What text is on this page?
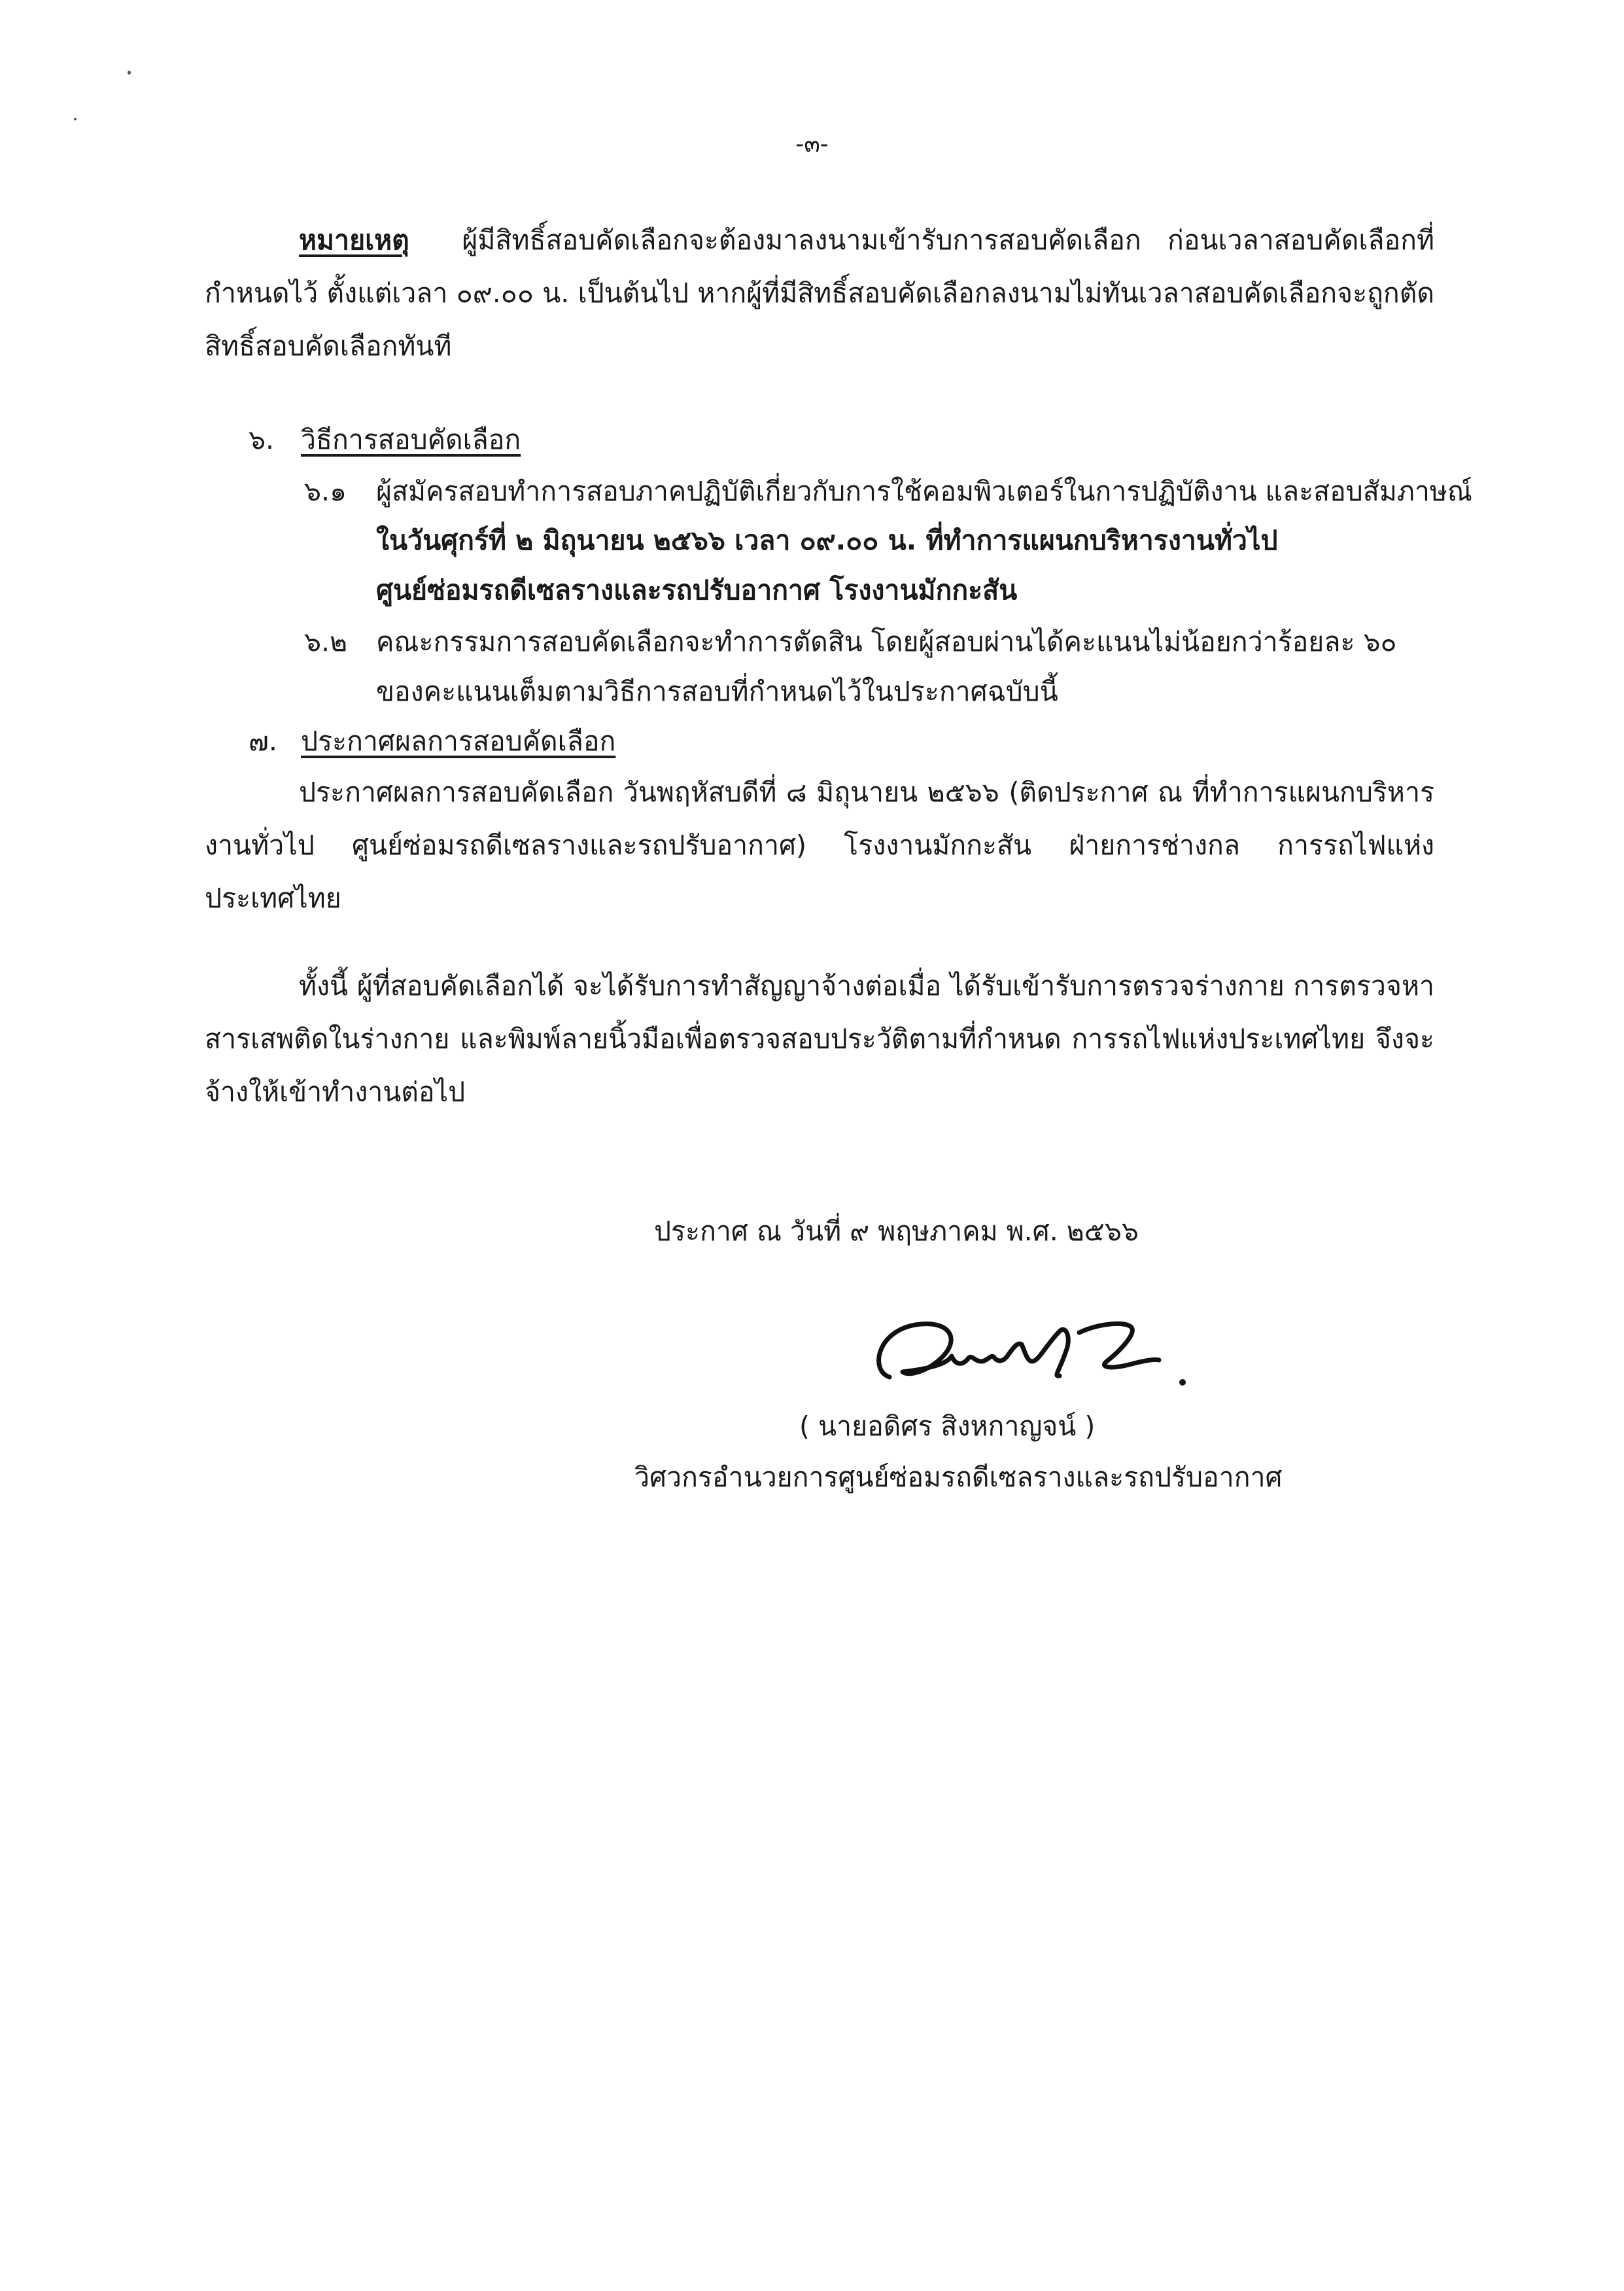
-๓-
หมายเหตุ ผู้มีสิทธิ์สอบคัดเลือกจะต้องมาลงนามเข้ารับการสอบคัดเลือก ก่อนเวลาสอบคัดเลือกที่กำหนดไว้ ตั้งแต่เวลา ๐๙.๐๐ น. เป็นต้นไป หากผู้ที่มีสิทธิ์สอบคัดเลือกลงนามไม่ทันเวลาสอบคัดเลือกจะถูกตัดสิทธิ์สอบคัดเลือกทันที
๖. วิธีการสอบคัดเลือก
๖.๑ ผู้สมัครสอบทำการสอบภาคปฏิบัติเกี่ยวกับการใช้คอมพิวเตอร์ในการปฏิบัติงาน และสอบสัมภาษณ์
ในวันศุกร์ที่ ๒ มิถุนายน ๒๕๖๖ เวลา ๐๙.๐๐ น. ที่ทำการแผนกบริหารงานทั่วไป
ศูนย์ซ่อมรถดีเซลรางและรถปรับอากาศ โรงงานมักกะสัน
๖.๒ คณะกรรมการสอบคัดเลือกจะทำการตัดสิน โดยผู้สอบผ่านได้คะแนนไม่น้อยกว่าร้อยละ ๖๐
ของคะแนนเต็มตามวิธีการสอบที่กำหนดไว้ในประกาศฉบับนี้
๗. ประกาศผลการสอบคัดเลือก
ประกาศผลการสอบคัดเลือก วันพฤหัสบดีที่ ๘ มิถุนายน ๒๕๖๖ (ติดประกาศ ณ ที่ทำการแผนกบริหารงานทั่วไป ศูนย์ซ่อมรถดีเซลรางและรถปรับอากาศ) โรงงานมักกะสัน ฝ่ายการช่างกล การรถไฟแห่งประเทศไทย
ทั้งนี้ ผู้ที่สอบคัดเลือกได้ จะได้รับการทำสัญญาจ้างต่อเมื่อ ได้รับเข้ารับการตรวจร่างกาย การตรวจหาสารเสพติดในร่างกาย และพิมพ์ลายนิ้วมือเพื่อตรวจสอบประวัติตามที่กำหนด การรถไฟแห่งประเทศไทย จึงจะจ้างให้เข้าทำงานต่อไป
ประกาศ ณ วันที่ ๙ พฤษภาคม พ.ศ. ๒๕๖๖
( นายอดิศร สิงหกาญจน์ )
วิศวกรอำนวยการศูนย์ซ่อมรถดีเซลรางและรถปรับอากาศ
